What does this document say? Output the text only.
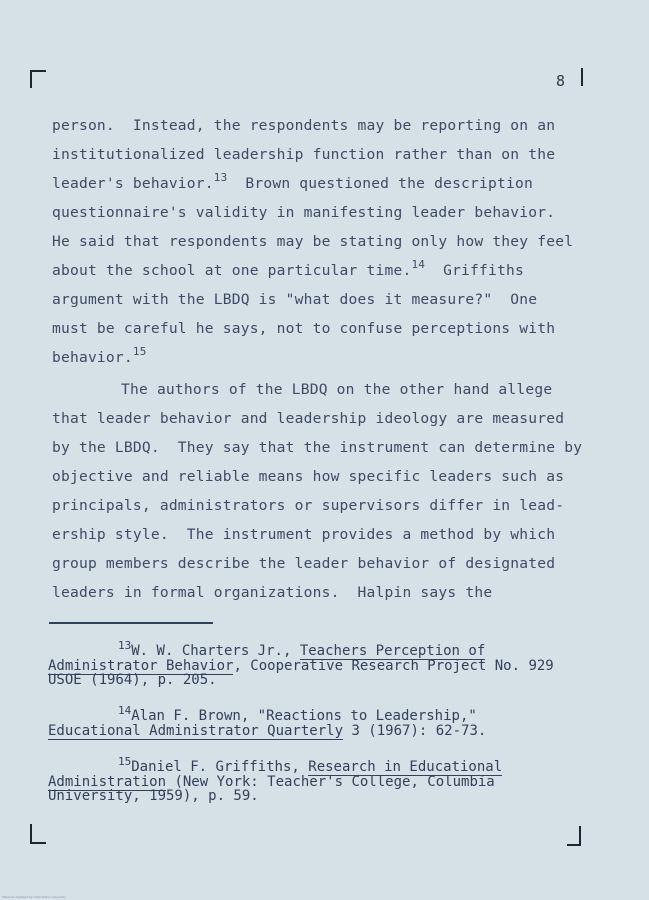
8
person.  Instead, the respondents may be reporting on an
institutionalized leadership function rather than on the
leader's behavior.$^{13}$  Brown questioned the description
questionnaire's validity in manifesting leader behavior.
He said that respondents may be stating only how they feel
about the school at one particular time.$^{14}$  Griffiths
argument with the LBDQ is "what does it measure?"  One
must be careful he says, not to confuse perceptions with
behavior.$^{15}$
The authors of the LBDQ on the other hand allege
that leader behavior and leadership ideology are measured
by the LBDQ.  They say that the instrument can determine by
objective and reliable means how specific leaders such as
principals, administrators or supervisors differ in lead-
ership style.  The instrument provides a method by which
group members describe the leader behavior of designated
leaders in formal organizations.  Halpin says the

$^{13}$W. W. Charters Jr., Teachers Perception of Administrator Behavior, Cooperative Research Project No. 929 USOE (1964), p. 205.

$^{14}$Alan F. Brown, "Reactions to Leadership," Educational Administrator Quarterly 3 (1967): 62-73.

$^{15}$Daniel F. Griffiths, Research in Educational Administration (New York: Teacher's College, Columbia University, 1959), p. 59.

Material digitized by Utah State University
